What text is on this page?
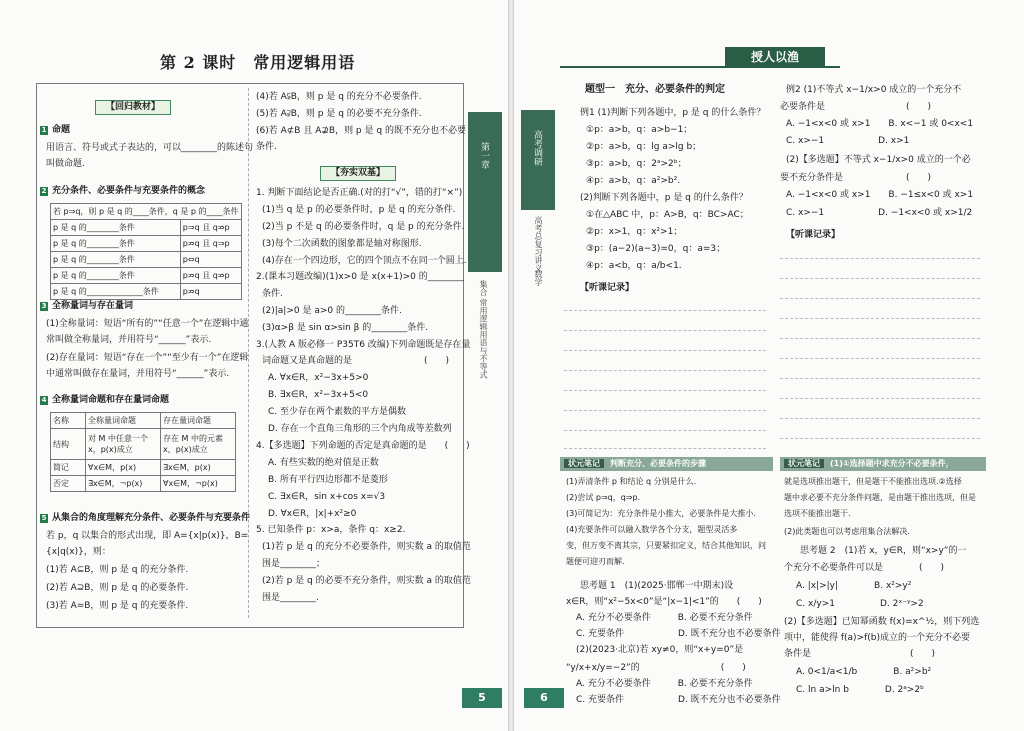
第 2 课时　常用逻辑用语
【回归教材】
1 命题
用语言、符号或式子表达的，可以________的陈述句
叫做命题.
2 充分条件、必要条件与充要条件的概念
若 p⇒q，则 p 是 q 的____条件，q 是 p 的____条件	
p 是 q 的________条件	p⇒q 且 q⇏p
p 是 q 的________条件	p⇏q 且 q⇒p
p 是 q 的________条件	p⇔q
p 是 q 的________条件	p⇏q 且 q⇏p
p 是 q 的______________条件	p⇏q
3 全称量词与存在量词
(1)全称量词：短语“所有的”“任意一个”在逻辑中通
常叫做全称量词，并用符号“______”表示.
(2)存在量词：短语“存在一个”“至少有一个”在逻辑
中通常叫做存在量词，并用符号“______”表示.
4 全称量词命题和存在量词命题
名称	全称量词命题	存在量词命题
结构	对 M 中任意一个 x，p(x)成立	存在 M 中的元素 x，p(x)成立
简记	∀x∈M，p(x)	∃x∈M，p(x)
否定	∃x∈M，¬p(x)	∀x∈M，¬p(x)
5 从集合的角度理解充分条件、必要条件与充要条件
若 p，q 以集合的形式出现，即 A={x|p(x)}，B=
{x|q(x)}，则：
(1)若 A⊆B，则 p 是 q 的充分条件.
(2)若 A⊇B，则 p 是 q 的必要条件.
(3)若 A=B，则 p 是 q 的充要条件.
(4)若 A⫋B，则 p 是 q 的充分不必要条件.
(5)若 A⫌B，则 p 是 q 的必要不充分条件.
(6)若 A⊄B 且 A⊉B，则 p 是 q 的既不充分也不必要
条件.
【夯实双基】
1. 判断下面结论是否正确.(对的打“√”，错的打“×”)
(1)当 q 是 p 的必要条件时，p 是 q 的充分条件.
(2)当 p 不是 q 的必要条件时，q 是 p 的充分条件.
(3)每个二次函数的图象都是轴对称图形.
(4)存在一个四边形，它的四个顶点不在同一个圆上.
2.(课本习题改编)(1)x>0 是 x(x+1)>0 的________
条件.
(2)|a|>0 是 a>0 的________条件.
(3)α>β 是 sin α>sin β 的________条件.
3.(人教 A 版必修一 P35T6 改编)下列命题既是存在量
词命题又是真命题的是　　　　　　　　(　　)
A. ∀x∈R，x²−3x+5>0
B. ∃x∈R，x²−3x+5<0
C. 至少存在两个素数的平方是偶数
D. 存在一个直角三角形的三个内角成等差数列
4.【多选题】下列命题的否定是真命题的是　　(　　)
A. 有些实数的绝对值是正数
B. 所有平行四边形都不是菱形
C. ∃x∈R，sin x+cos x=√3
D. ∀x∈R，|x|+x²≥0
5. 已知条件 p：x>a，条件 q：x≥2.
(1)若 p 是 q 的充分不必要条件，则实数 a 的取值范
围是________；
(2)若 p 是 q 的必要不充分条件，则实数 a 的取值范
围是________.
第一章
集合 常用逻辑用语与不等式
5
授人以渔
高考调研
高考总复习讲义
数学
题型一　充分、必要条件的判定
例1 (1)判断下列各题中，p 是 q 的什么条件？
①p：a>b，q：a>b−1；
②p：a>b，q：lg a>lg b；
③p：a>b，q：2ᵃ>2ᵇ；
④p：a>b，q：a²>b².
(2)判断下列各题中，p 是 q 的什么条件？
①在△ABC 中，p：A>B，q：BC>AC；
②p：x>1，q：x²>1；
③p：(a−2)(a−3)=0，q：a=3；
④p：a<b，q：a/b<1.
【听课记录】
例2 (1)不等式 x−1/x>0 成立的一个充分不
必要条件是　　　　　　　　　(　　)
A. −1<x<0 或 x>1　　B. x<−1 或 0<x<1
C. x>−1　　　　　　D. x>1
(2)【多选题】不等式 x−1/x>0 成立的一个必
要不充分条件是　　　　　　　(　　)
A. −1<x<0 或 x>1　　B. −1≤x<0 或 x>1
C. x>−1　　　　　　D. −1<x<0 或 x>1/2
【听课记录】
状元笔记 判断充分、必要条件的步骤
(1)弄清条件 p 和结论 q 分别是什么.
(2)尝试 p⇒q，q⇒p.
(3)可简记为：充分条件是小推大，必要条件是大推小.
(4)充要条件可以融入数学各个分支，题型灵活多
变，但万变不离其宗，只要紧扣定义，结合其他知识，问
题便可迎刃而解.
思考题 1　(1)(2025·邯郸一中期末)设
x∈R，则“x²−5x<0”是“|x−1|<1”的　　(　　)
A. 充分不必要条件　　　B. 必要不充分条件
C. 充要条件　　　　　　D. 既不充分也不必要条件
(2)(2023·北京)若 xy≠0，则“x+y=0”是
“y/x+x/y=−2”的　　　　　　　　　(　　)
A. 充分不必要条件　　　B. 必要不充分条件
C. 充要条件　　　　　　D. 既不充分也不必要条件
状元笔记 (1)①选择题中求充分不必要条件，
就是选项推出题干，但是题干不能推出选项.②选择
题中求必要不充分条件问题，是由题干推出选项，但是
选项不能推出题干.
(2)此类题也可以考虑用集合法解决.
思考题 2　(1)若 x，y∈R，则“x>y”的一
个充分不必要条件可以是　　　　(　　)
A. |x|>|y|　　　　B. x²>y²
C. x/y>1　　　　　D. 2ˣ⁻ʸ>2
(2)【多选题】已知幂函数 f(x)=x^½，则下列选
项中，能使得 f(a)>f(b)成立的一个充分不必要
条件是　　　　　　　　　　　(　　)
A. 0<1/a<1/b　　　　B. a²>b²
C. ln a>ln b　　　　D. 2ᵃ>2ᵇ
6
